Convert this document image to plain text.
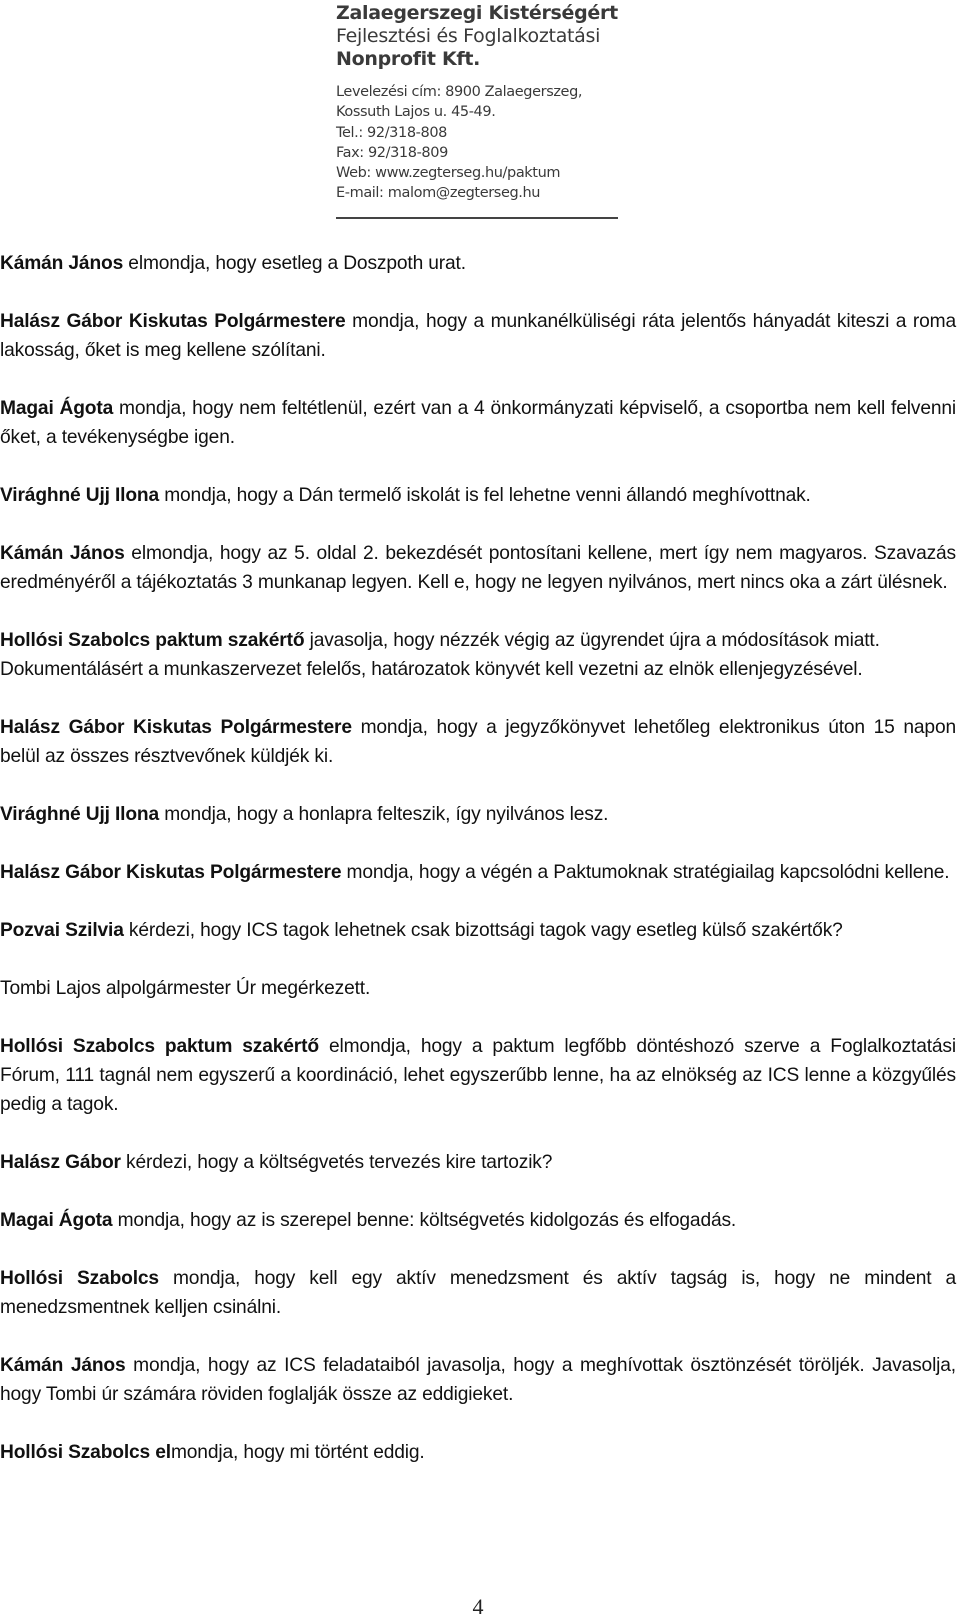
Zalaegerszegi Kistérségért
Fejlesztési és Foglalkoztatási
Nonprofit Kft.
Levelezési cím: 8900 Zalaegerszeg,
Kossuth Lajos u. 45-49.
Tel.: 92/318-808
Fax: 92/318-809
Web: www.zegterseg.hu/paktum
E-mail: malom@zegterseg.hu

Kámán János elmondja, hogy esetleg a Doszpoth urat.

Halász Gábor Kiskutas Polgármestere mondja, hogy a munkanélküliségi ráta jelentős hányadát kiteszi a roma lakosság, őket is meg kellene szólítani.

Magai Ágota mondja, hogy nem feltétlenül, ezért van a 4 önkormányzati képviselő, a csoportba nem kell felvenni őket, a tevékenységbe igen.

Virághné Ujj Ilona mondja, hogy a Dán termelő iskolát is fel lehetne venni állandó meghívottnak.

Kámán János elmondja, hogy az 5. oldal 2. bekezdését pontosítani kellene, mert így nem magyaros. Szavazás eredményéről a tájékoztatás 3 munkanap legyen. Kell e, hogy ne legyen nyilvános, mert nincs oka a zárt ülésnek.

Hollósi Szabolcs paktum szakértő javasolja, hogy nézzék végig az ügyrendet újra a módosítások miatt.

Dokumentálásért a munkaszervezet felelős, határozatok könyvét kell vezetni az elnök ellenjegyzésével.

Halász Gábor Kiskutas Polgármestere mondja, hogy a jegyzőkönyvet lehetőleg elektronikus úton 15 napon belül az összes résztvevőnek küldjék ki.

Virághné Ujj Ilona mondja, hogy a honlapra felteszik, így nyilvános lesz.

Halász Gábor Kiskutas Polgármestere mondja, hogy a végén a Paktumoknak stratégiailag kapcsolódni kellene.

Pozvai Szilvia kérdezi, hogy ICS tagok lehetnek csak bizottsági tagok vagy esetleg külső szakértők?

Tombi Lajos alpolgármester Úr megérkezett.

Hollósi Szabolcs paktum szakértő elmondja, hogy a paktum legfőbb döntéshozó szerve a Foglalkoztatási Fórum, 111 tagnál nem egyszerű a koordináció, lehet egyszerűbb lenne, ha az elnökség az ICS lenne a közgyűlés pedig a tagok.

Halász Gábor kérdezi, hogy a költségvetés tervezés kire tartozik?

Magai Ágota mondja, hogy az is szerepel benne: költségvetés kidolgozás és elfogadás.

Hollósi Szabolcs mondja, hogy kell egy aktív menedzsment és aktív tagság is, hogy ne mindent a menedzsmentnek kelljen csinálni.

Kámán János mondja, hogy az ICS feladataiból javasolja, hogy a meghívottak ösztönzését töröljék. Javasolja, hogy Tombi úr számára röviden foglalják össze az eddigieket.

Hollósi Szabolcs elmondja, hogy mi történt eddig.

4
